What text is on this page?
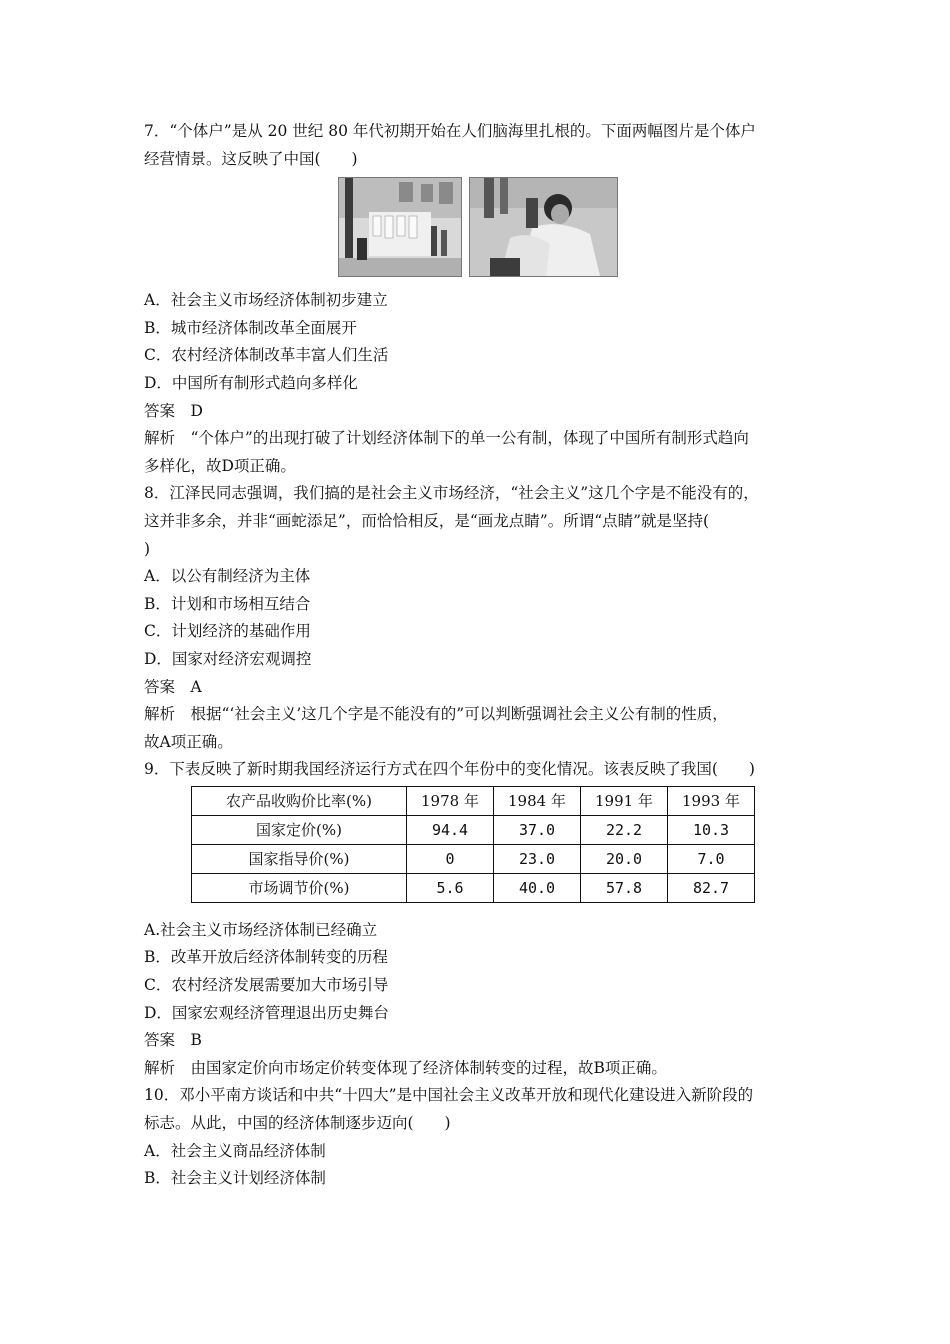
7．“个体户”是从 20 世纪 80 年代初期开始在人们脑海里扎根的。下面两幅图片是个体户
经营情景。这反映了中国(　　)
A．社会主义市场经济体制初步建立
B．城市经济体制改革全面展开
C．农村经济体制改革丰富人们生活
D．中国所有制形式趋向多样化
答案　D
解析　“个体户”的出现打破了计划经济体制下的单一公有制，体现了中国所有制形式趋向
多样化，故D项正确。
8．江泽民同志强调，我们搞的是社会主义市场经济，“社会主义”这几个字是不能没有的，
这并非多余，并非“画蛇添足”，而恰恰相反，是“画龙点睛”。所谓“点睛”就是坚持(
)
A．以公有制经济为主体
B．计划和市场相互结合
C．计划经济的基础作用
D．国家对经济宏观调控
答案　A
解析　根据“‘社会主义’这几个字是不能没有的”可以判断强调社会主义公有制的性质，
故A项正确。
9．下表反映了新时期我国经济运行方式在四个年份中的变化情况。该表反映了我国(　　)
农产品收购价比率(%)	1978 年	1984 年	1991 年	1993 年
国家定价(%)	94.4	37.0	22.2	10.3
国家指导价(%)	0	23.0	20.0	7.0
市场调节价(%)	5.6	40.0	57.8	82.7
A.社会主义市场经济体制已经确立
B．改革开放后经济体制转变的历程
C．农村经济发展需要加大市场引导
D．国家宏观经济管理退出历史舞台
答案　B
解析　由国家定价向市场定价转变体现了经济体制转变的过程，故B项正确。
10．邓小平南方谈话和中共“十四大”是中国社会主义改革开放和现代化建设进入新阶段的
标志。从此，中国的经济体制逐步迈向(　　)
A．社会主义商品经济体制
B．社会主义计划经济体制
